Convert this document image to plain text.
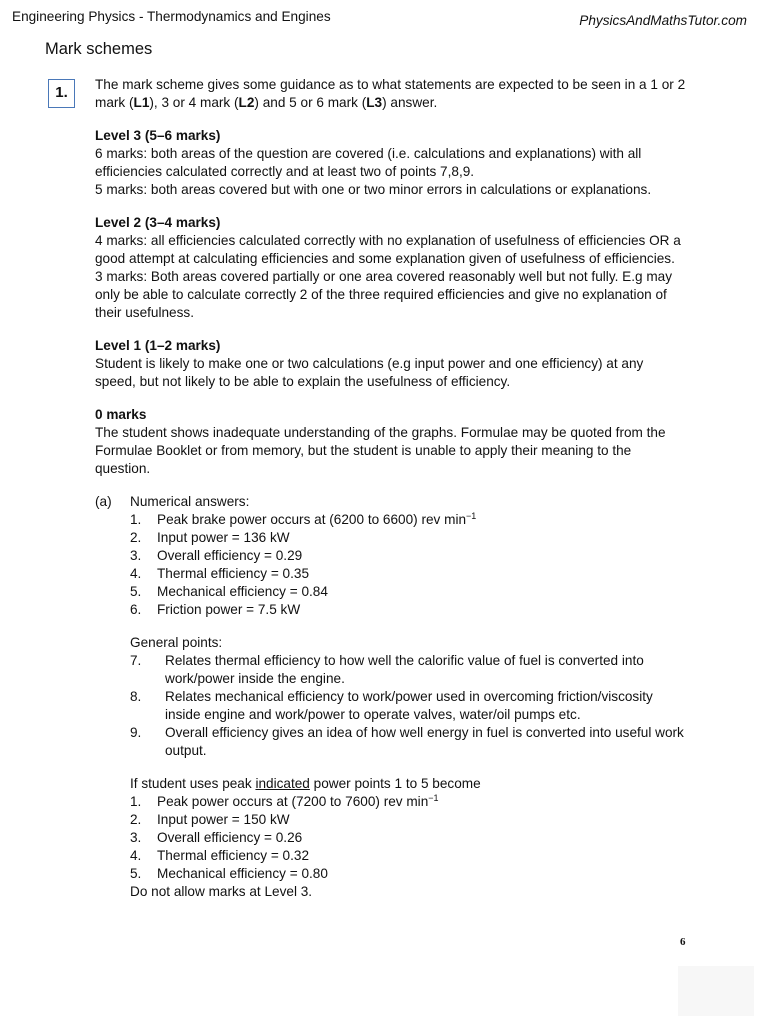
Engineering Physics - Thermodynamics and Engines	PhysicsAndMathsTutor.com
Mark schemes
1.	The mark scheme gives some guidance as to what statements are expected to be seen in a 1 or 2 mark (L1), 3 or 4 mark (L2) and 5 or 6 mark (L3) answer.

Level 3 (5–6 marks)

6 marks: both areas of the question are covered (i.e. calculations and explanations) with all efficiencies calculated correctly and at least two of points 7,8,9.

5 marks: both areas covered but with one or two minor errors in calculations or explanations.

Level 2 (3–4 marks)

4 marks: all efficiencies calculated correctly with no explanation of usefulness of efficiencies OR a good attempt at calculating efficiencies and some explanation given of usefulness of efficiencies.

3 marks: Both areas covered partially or one area covered reasonably well but not fully. E.g may only be able to calculate correctly 2 of the three required efficiencies and give no explanation of their usefulness.

Level 1 (1–2 marks)

Student is likely to make one or two calculations (e.g input power and one efficiency) at any speed, but not likely to be able to explain the usefulness of efficiency.

0 marks

The student shows inadequate understanding of the graphs. Formulae may be quoted from the Formulae Booklet or from memory, but the student is unable to apply their meaning to the question.

(a) Numerical answers:
1.	Peak brake power occurs at (6200 to 6600) rev $\min^{-1}$
2.	Input power = 136 kW
3.	Overall efficiency = 0.29
4.	Thermal efficiency = 0.35
5.	Mechanical efficiency = 0.84
6.	Friction power = 7.5 kW

General points:

7.	Relates thermal efficiency to how well the calorific value of fuel is converted into work/power inside the engine.
8.	Relates mechanical efficiency to work/power used in overcoming friction/viscosity inside engine and work/power to operate valves, water/oil pumps etc.
9.	Overall efficiency gives an idea of how well energy in fuel is converted into useful work output.

If student uses peak indicated power points 1 to 5 become

1.	Peak power occurs at (7200 to 7600) rev $\min^{-1}$
2.	Input power = 150 kW
3.	Overall efficiency = 0.26
4.	Thermal efficiency = 0.32
5.	Mechanical efficiency = 0.80

Do not allow marks at Level 3.

6
